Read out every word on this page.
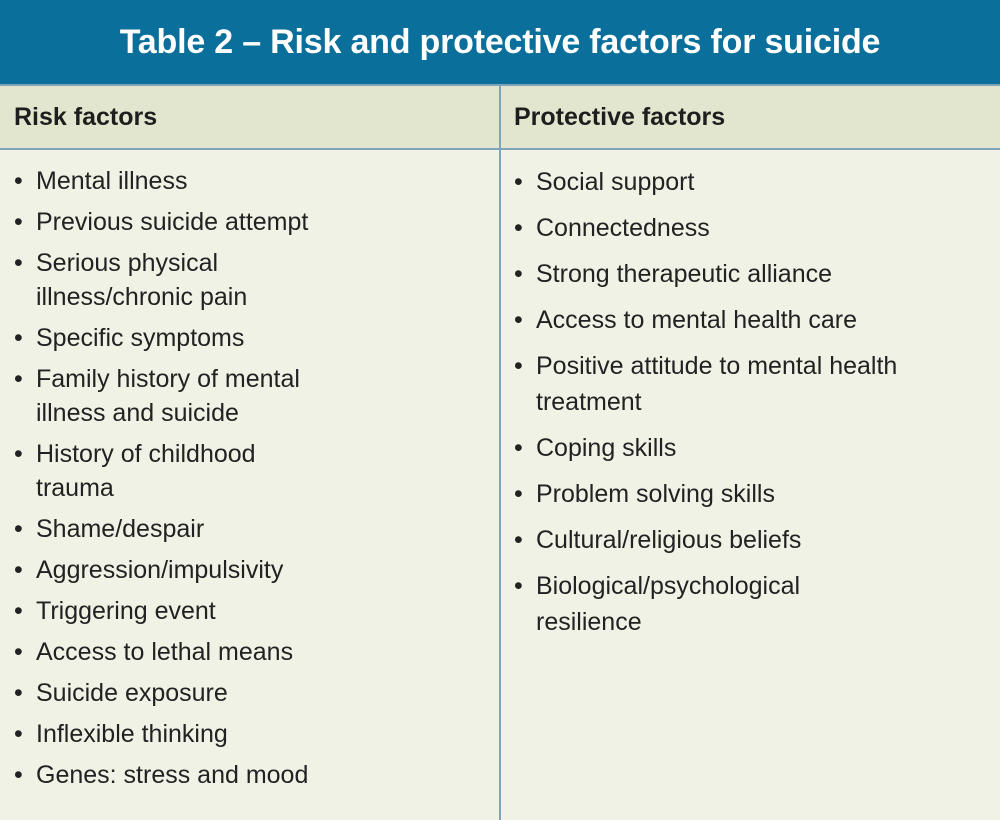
Table 2 – Risk and protective factors for suicide
Risk factors	Protective factors
• Mental illness
• Previous suicide attempt
• Serious physical illness/chronic pain
• Specific symptoms
• Family history of mental illness and suicide
• History of childhood trauma
• Shame/despair
• Aggression/impulsivity
• Triggering event
• Access to lethal means
• Suicide exposure
• Inflexible thinking
• Genes: stress and mood
• Social support
• Connectedness
• Strong therapeutic alliance
• Access to mental health care
• Positive attitude to mental health treatment
• Coping skills
• Problem solving skills
• Cultural/religious beliefs
• Biological/psychological resilience
